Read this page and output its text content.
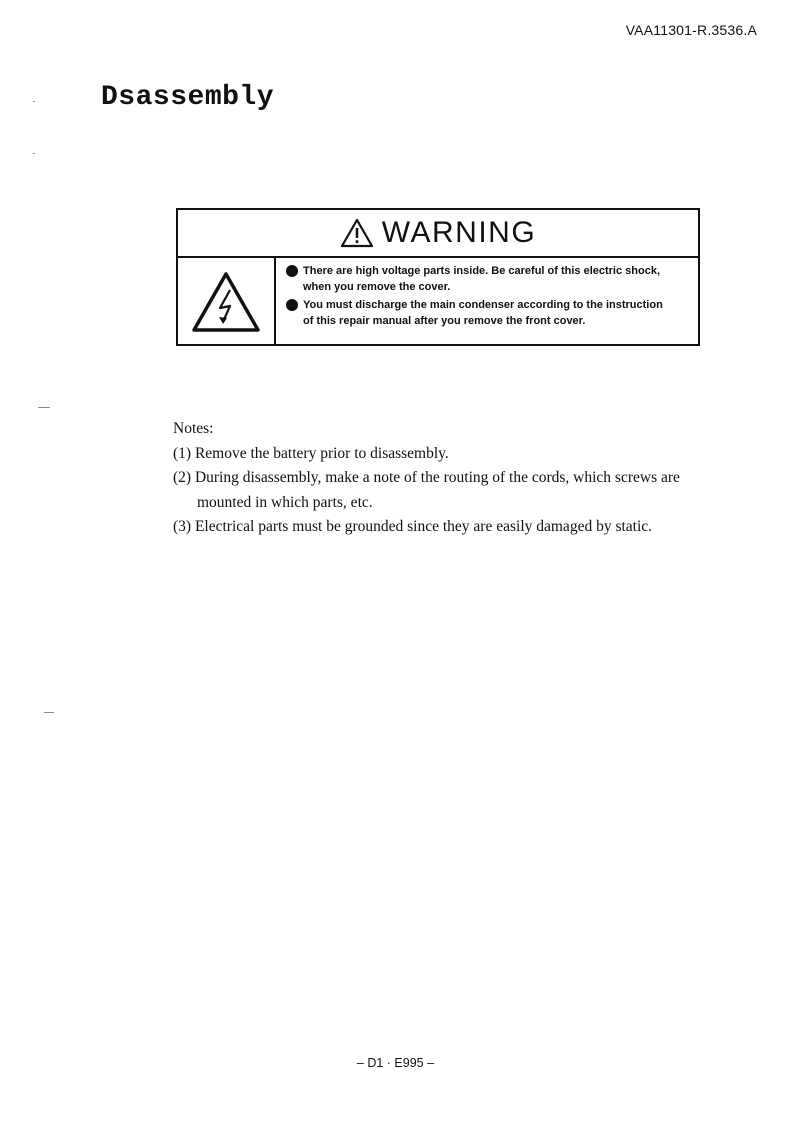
VAA11301-R.3536.A
Dsassembly
WARNING
There are high voltage parts inside. Be careful of this electric shock,
when you remove the cover.
You must discharge the main condenser according to the instruction
of this repair manual after you remove the front cover.
Notes:
(1) Remove the battery prior to disassembly.
(2) During disassembly, make a note of the routing of the cords, which screws are
mounted in which parts, etc.
(3) Electrical parts must be grounded since they are easily damaged by static.
– D1 · E995 –
